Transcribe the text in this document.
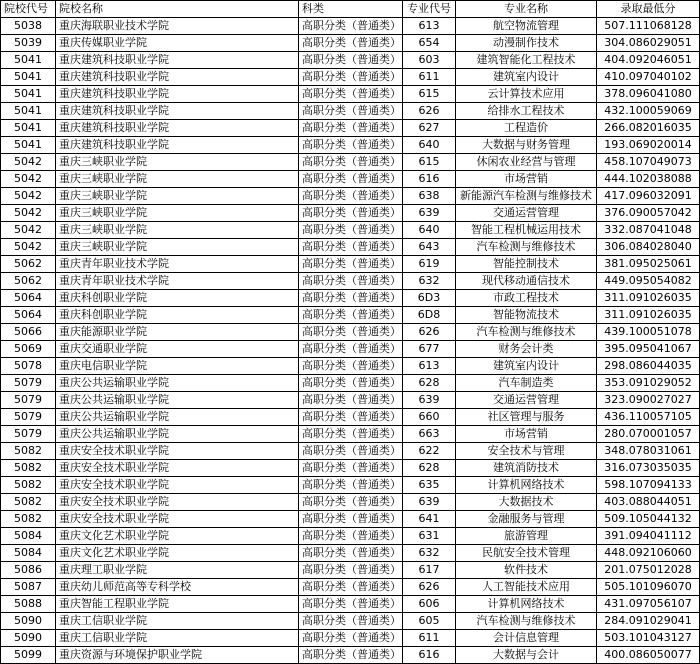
院校代号	院校名称	科类	专业代号	专业名称	录取最低分
5038	重庆海联职业技术学院	高职分类（普通类）	613	航空物流管理	507.111068128
5039	重庆传媒职业学院	高职分类（普通类）	654	动漫制作技术	304.086029051
5041	重庆建筑科技职业学院	高职分类（普通类）	603	建筑智能化工程技术	404.092046051
5041	重庆建筑科技职业学院	高职分类（普通类）	611	建筑室内设计	410.097040102
5041	重庆建筑科技职业学院	高职分类（普通类）	615	云计算技术应用	378.096041080
5041	重庆建筑科技职业学院	高职分类（普通类）	626	给排水工程技术	432.100059069
5041	重庆建筑科技职业学院	高职分类（普通类）	627	工程造价	266.082016035
5041	重庆建筑科技职业学院	高职分类（普通类）	640	大数据与财务管理	193.069020014
5042	重庆三峡职业学院	高职分类（普通类）	615	休闲农业经营与管理	458.107049073
5042	重庆三峡职业学院	高职分类（普通类）	616	市场营销	444.102038088
5042	重庆三峡职业学院	高职分类（普通类）	638	新能源汽车检测与维修技术	417.096032091
5042	重庆三峡职业学院	高职分类（普通类）	639	交通运营管理	376.090057042
5042	重庆三峡职业学院	高职分类（普通类）	640	智能工程机械运用技术	332.087041048
5042	重庆三峡职业学院	高职分类（普通类）	643	汽车检测与维修技术	306.084028040
5062	重庆青年职业技术学院	高职分类（普通类）	619	智能控制技术	381.095025061
5062	重庆青年职业技术学院	高职分类（普通类）	632	现代移动通信技术	449.095054082
5064	重庆科创职业学院	高职分类（普通类）	6D3	市政工程技术	311.091026035
5064	重庆科创职业学院	高职分类（普通类）	6D8	智能物流技术	311.091026035
5066	重庆能源职业学院	高职分类（普通类）	626	汽车检测与维修技术	439.100051078
5069	重庆交通职业学院	高职分类（普通类）	677	财务会计类	395.095041067
5078	重庆电信职业学院	高职分类（普通类）	613	建筑室内设计	298.086044035
5079	重庆公共运输职业学院	高职分类（普通类）	628	汽车制造类	353.091029052
5079	重庆公共运输职业学院	高职分类（普通类）	639	交通运营管理	323.090027027
5079	重庆公共运输职业学院	高职分类（普通类）	660	社区管理与服务	436.110057105
5079	重庆公共运输职业学院	高职分类（普通类）	663	市场营销	280.070001057
5082	重庆安全技术职业学院	高职分类（普通类）	622	安全技术与管理	348.078031061
5082	重庆安全技术职业学院	高职分类（普通类）	628	建筑消防技术	316.073035035
5082	重庆安全技术职业学院	高职分类（普通类）	635	计算机网络技术	598.107094133
5082	重庆安全技术职业学院	高职分类（普通类）	639	大数据技术	403.088044051
5082	重庆安全技术职业学院	高职分类（普通类）	641	金融服务与管理	509.105044132
5084	重庆文化艺术职业学院	高职分类（普通类）	631	旅游管理	391.094041112
5084	重庆文化艺术职业学院	高职分类（普通类）	632	民航安全技术管理	448.092106060
5086	重庆理工职业学院	高职分类（普通类）	617	软件技术	201.075012028
5087	重庆幼儿师范高等专科学校	高职分类（普通类）	626	人工智能技术应用	505.101096070
5088	重庆智能工程职业学院	高职分类（普通类）	606	计算机网络技术	431.097056107
5090	重庆工信职业学院	高职分类（普通类）	605	汽车检测与维修技术	284.091029041
5090	重庆工信职业学院	高职分类（普通类）	611	会计信息管理	503.101043127
5099	重庆资源与环境保护职业学院	高职分类（普通类）	616	大数据与会计	400.086050077
